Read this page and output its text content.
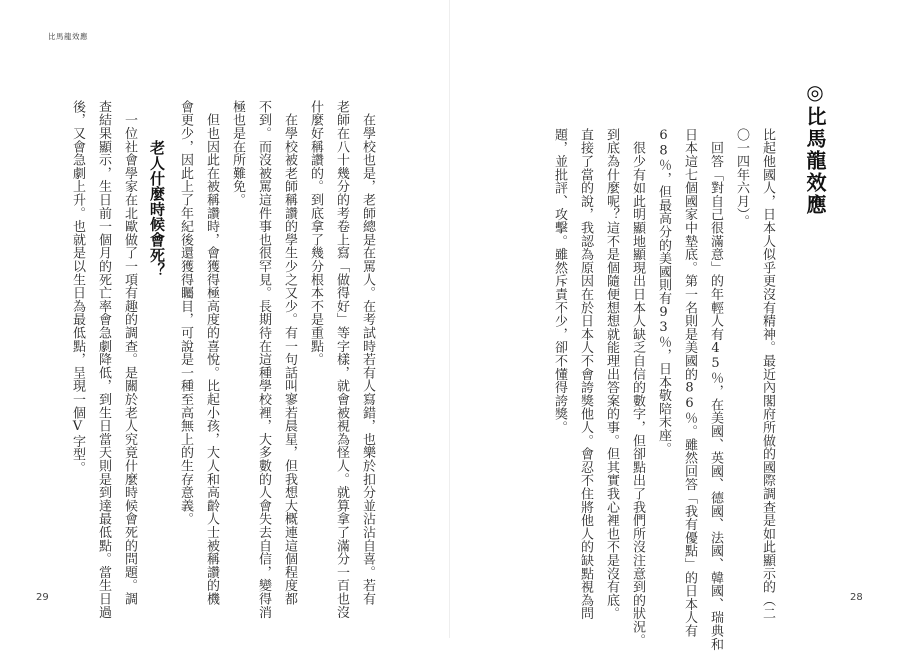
比馬龍效應
◎比馬龍效應
比起他國人，日本人似乎更沒有精神。最近內閣府所做的國際調查是如此顯示的（二
〇一四年六月）。
　回答「對自己很滿意」的年輕人有45％，在美國、英國、德國、法國、韓國、瑞典和
日本這七個國家中墊底。第一名則是美國的86％。雖然回答「我有優點」的日本人有
68％，但最高分的美國則有93％，日本敬陪末座。
　很少有如此明顯地顯現出日本人缺乏自信的數字，但卻點出了我們所沒注意到的狀況。
到底為什麼呢？這不是個隨便想想就能理出答案的事。但其實我心裡也不是沒有底。
直接了當的說，我認為原因在於日本人不會誇獎他人。會忍不住將他人的缺點視為問
題，並批評、攻擊。雖然斥責不少，卻不懂得誇獎。
　在學校也是，老師總是在罵人。在考試時若有人寫錯，也樂於扣分並沾沾自喜。若有
老師在八十幾分的考卷上寫「做得好」等字樣，就會被視為怪人。就算拿了滿分一百也沒
什麼好稱讚的。到底拿了幾分根本不是重點。
　在學校被老師稱讚的學生少之又少。有一句話叫寥若晨星，但我想大概連這個程度都
不到。而沒被罵這件事也很罕見。長期待在這種學校裡，大多數的人會失去自信，變得消
極也是在所難免。
　但也因此在被稱讚時，會獲得極高度的喜悅。比起小孩，大人和高齡人士被稱讚的機
會更少，因此上了年紀後還獲得矚目，可說是一種至高無上的生存意義。
老人什麼時候會死？
　一位社會學家在北歐做了一項有趣的調查。是關於老人究竟什麼時候會死的問題。調
查結果顯示，生日前一個月的死亡率會急劇降低，到生日當天則是到達最低點。當生日過
後，又會急劇上升。也就是以生日為最低點，呈現一個V字型。
29	28
